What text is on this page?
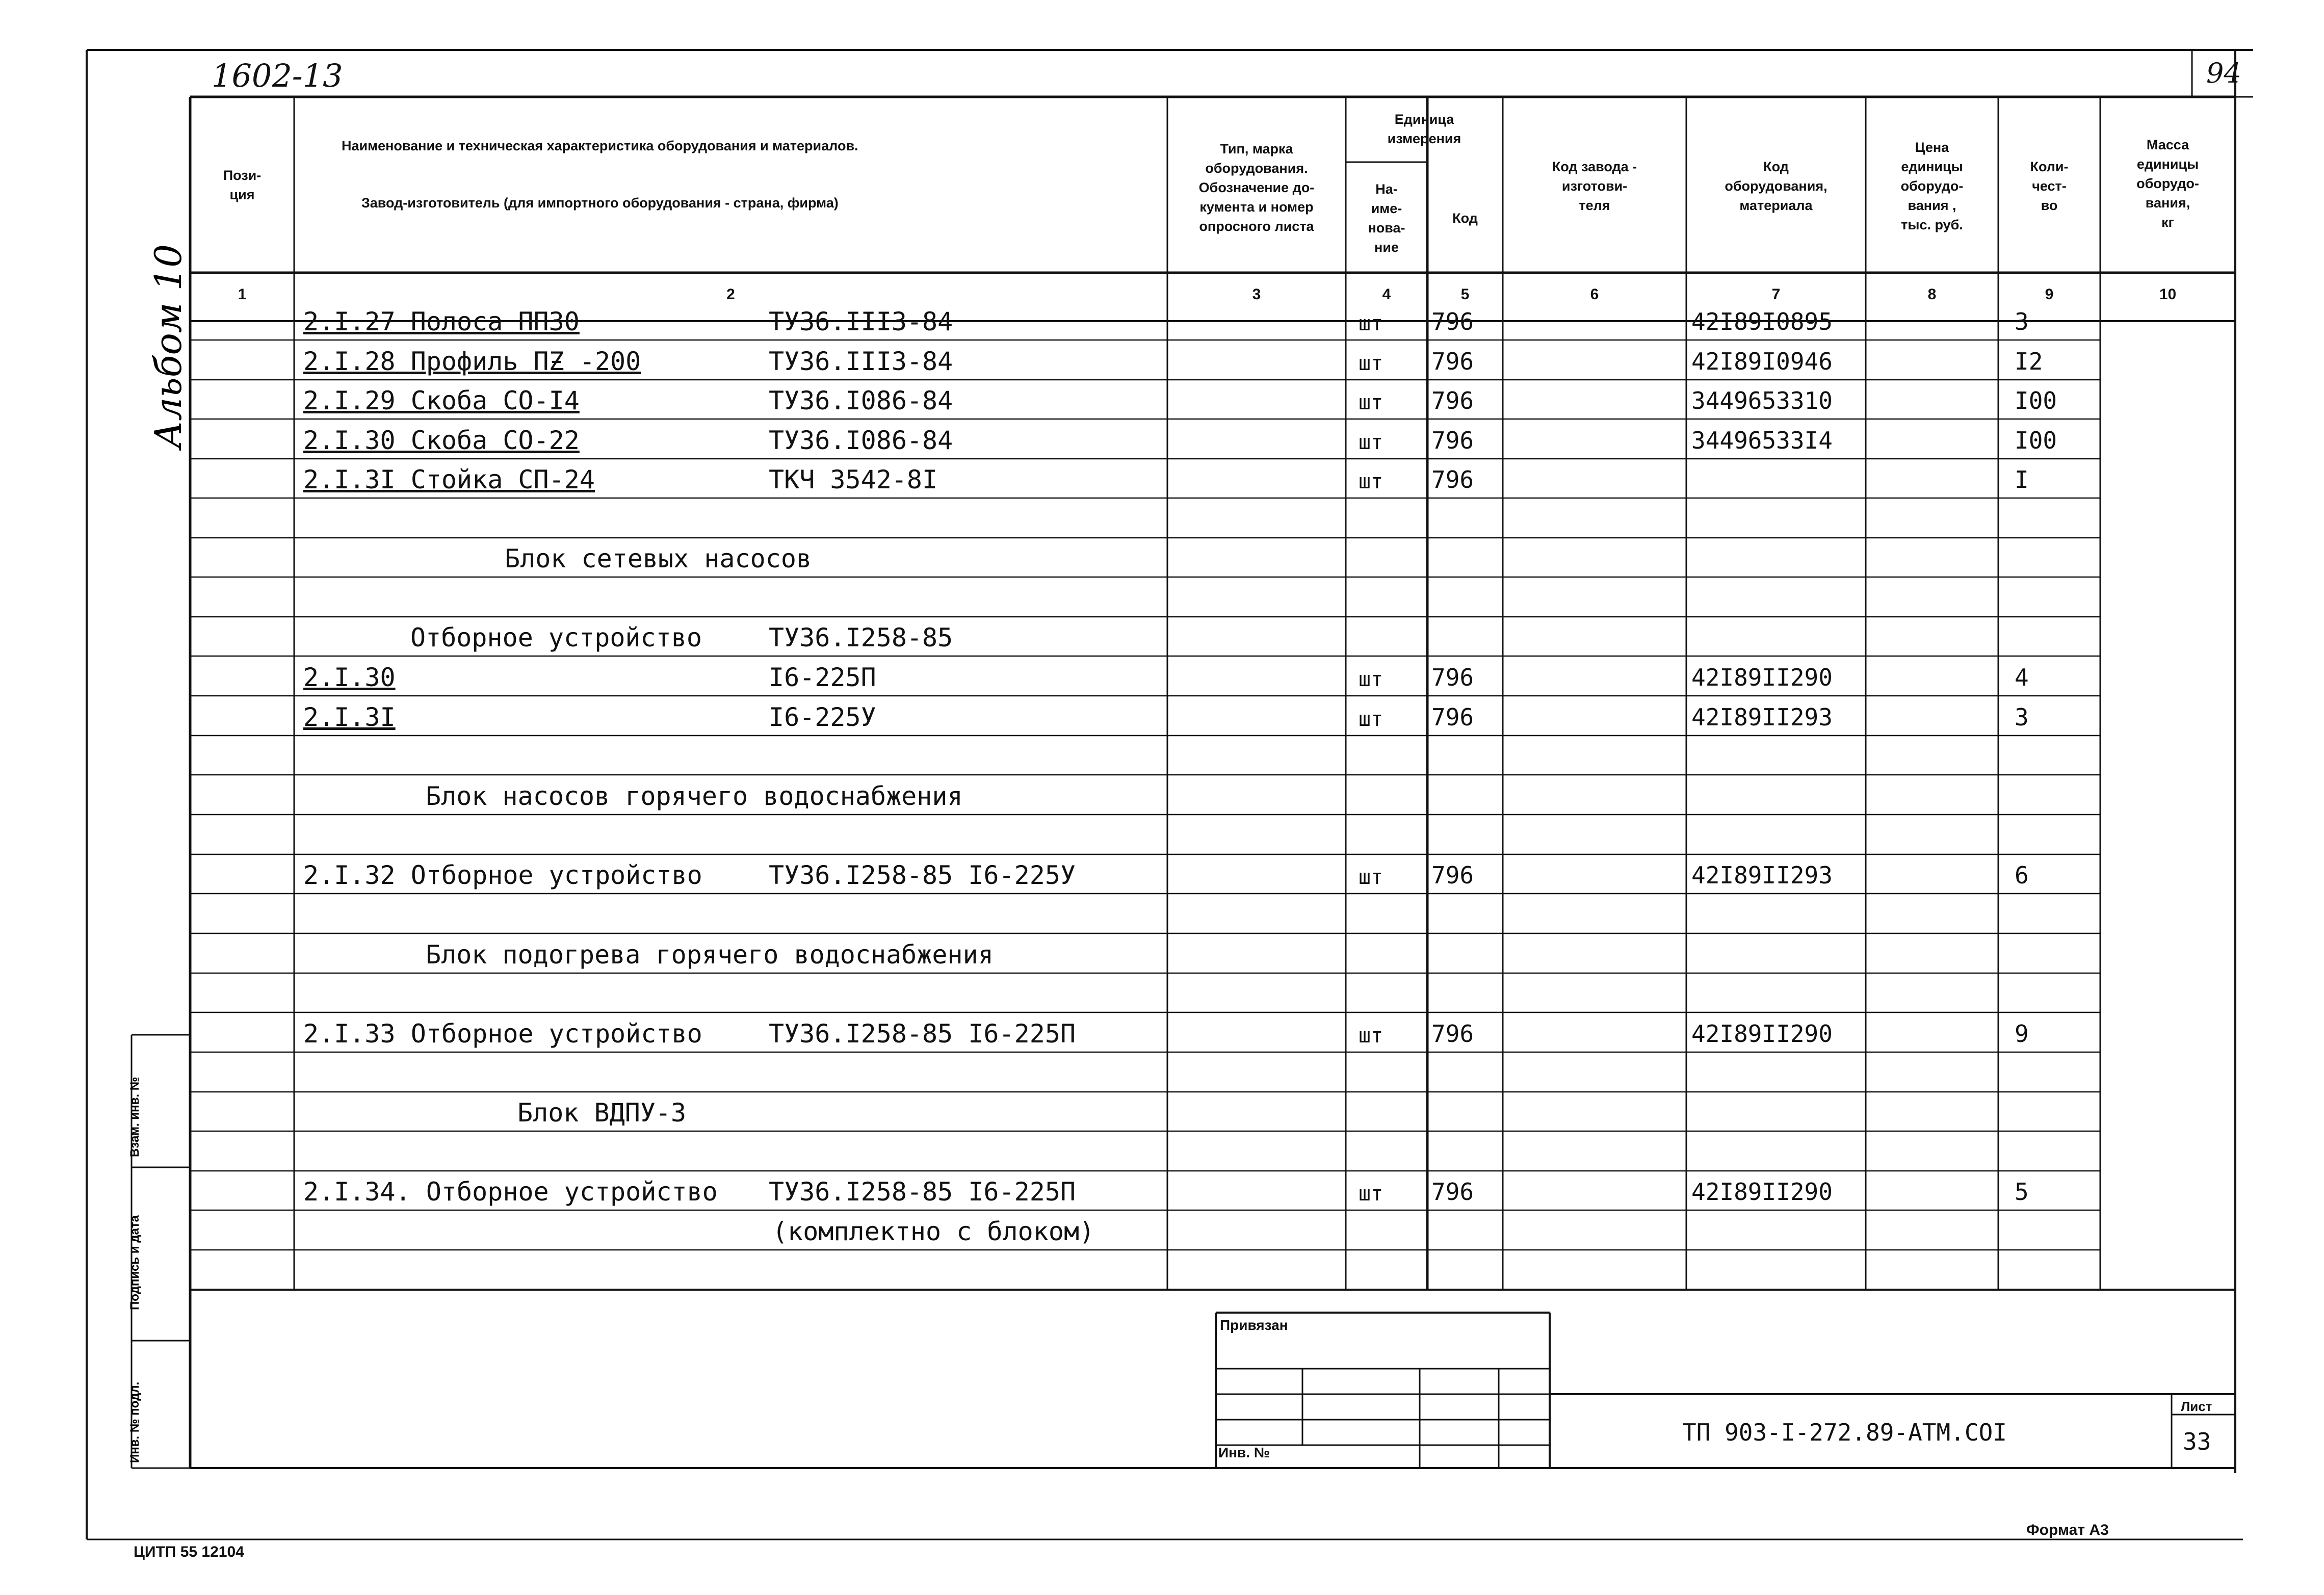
1602-13	94
Альбом 10
Пози-
ция
Наименование и техническая характеристика оборудования и материалов.
Завод-изготовитель (для импортного оборудования - страна, фирма)
Тип, марка
оборудования.
Обозначение до-
кумента и номер
опросного листа
Единица
измерения
На-
име-
нова-
ние
Код
Код завода -
изготови-
теля
Код
оборудования,
материала
Цена
единицы
оборудо-
вания ,
тыс. руб.
Коли-
чест-
во
Масса
единицы
оборудо-
вания,
кг
1	2	3	4	5	6	7	8	9	10
2.I.27 Полоса ПП30	ТУ36.III3-84	шт 796	42I89I0895	3
2.I.28 Профиль ПƵ -200	ТУ36.III3-84	шт 796	42I89I0946	I2
2.I.29 Скоба СО-I4	ТУ36.I086-84	шт 796	3449653310	I00
2.I.30 Скоба СО-22	ТУ36.I086-84	шт 796	34496533I4	I00
2.I.3I Стойка СП-24	ТКЧ 3542-8I	шт 796	I
Блок сетевых насосов
Отборное устройство	ТУ36.I258-85
2.I.30	I6-225П	шт 796	42I89II290	4
2.I.3I	I6-225У	шт 796	42I89II293	3
Блок насосов горячего водоснабжения
2.I.32 Отборное устройство	ТУ36.I258-85 I6-225У	шт 796	42I89II293	6
Блок подогрева горячего водоснабжения
2.I.33 Отборное устройство	ТУ36.I258-85 I6-225П	шт 796	42I89II290	9
Блок ВДПУ-3
2.I.34. Отборное устройство ТУ36.I258-85 I6-225П	шт 796	42I89II290	5
(комплектно с блоком)
Привязан
Инв. №
ТП 903-I-272.89-АТМ.СОI
Лист
33
Взам. инв. №
Подпись и дата
Инв. № подл.
ЦИТП 55 12104
Формат А3
